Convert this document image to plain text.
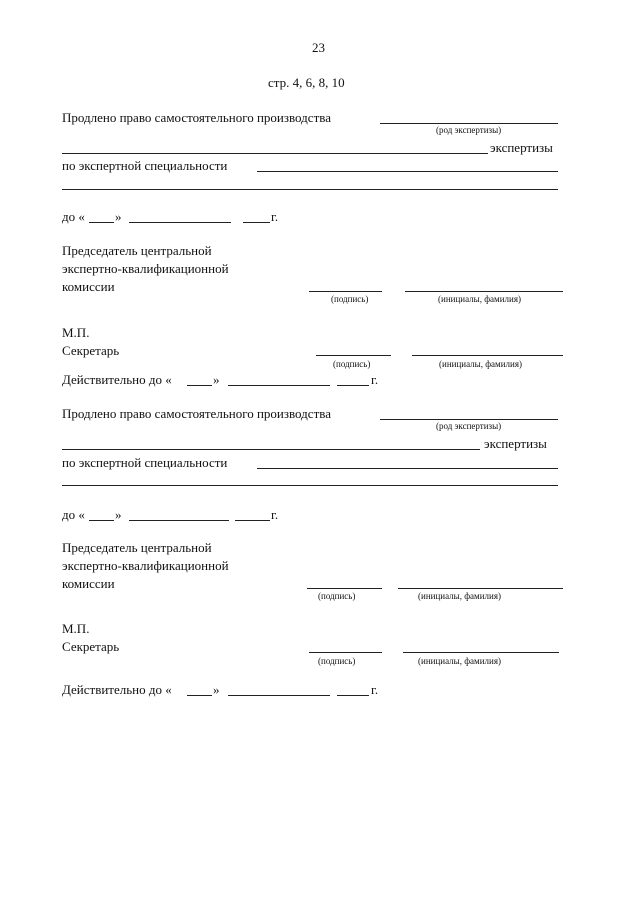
23
стр. 4, 6, 8, 10
Продлено право самостоятельного производства
(род экспертизы)
экспертизы
по экспертной специальности
до « »	г.
Председатель центральной
экспертно-квалификационной
комиссии
(подпись)	(инициалы, фамилия)
М.П.
Секретарь
(подпись)	(инициалы, фамилия)
Действительно до «	»	г.
Продлено право самостоятельного производства
(род экспертизы)
экспертизы
по экспертной специальности
до « »	г.
Председатель центральной
экспертно-квалификационной
комиссии
(подпись)	(инициалы, фамилия)
М.П.
Секретарь
(подпись)	(инициалы, фамилия)
Действительно до «	»	г.
